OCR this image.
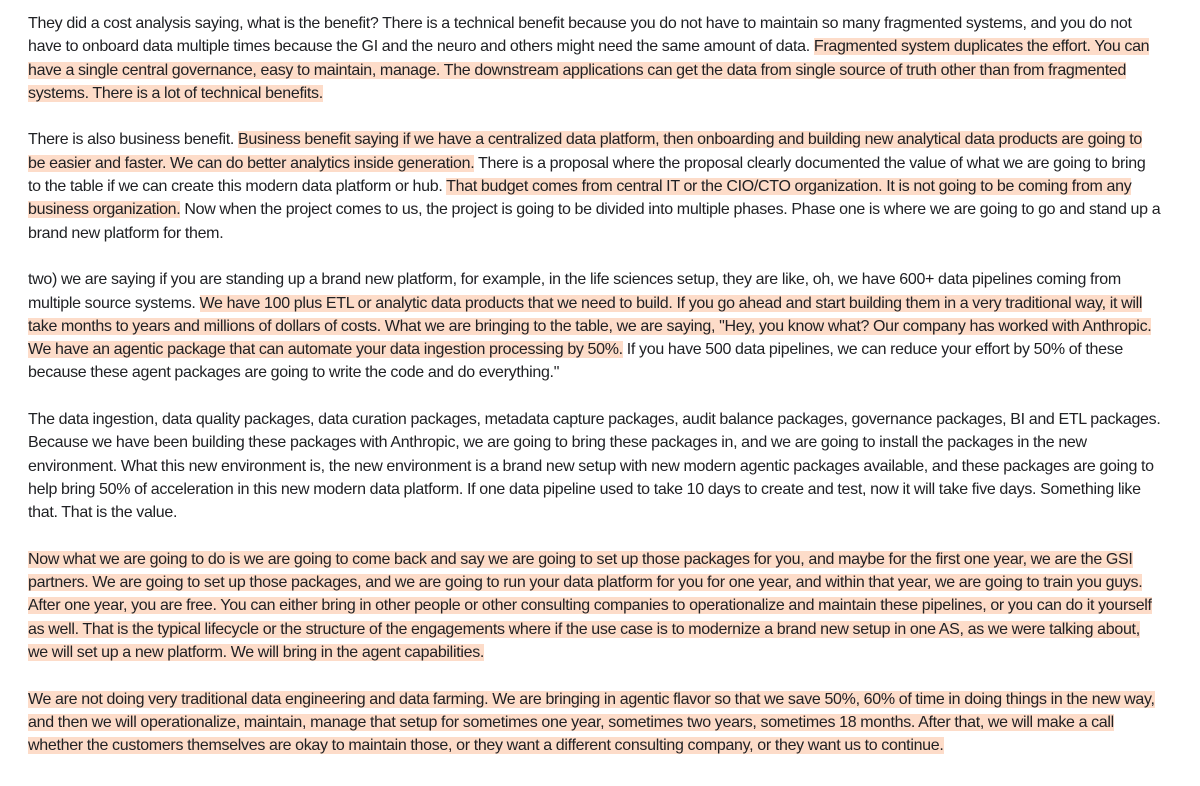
They did a cost analysis saying, what is the benefit? There is a technical benefit because you do not have to maintain so many fragmented systems, and you do not have to onboard data multiple times because the GI and the neuro and others might need the same amount of data. Fragmented system duplicates the effort. You can have a single central governance, easy to maintain, manage. The downstream applications can get the data from single source of truth other than from fragmented systems. There is a lot of technical benefits.

There is also business benefit. Business benefit saying if we have a centralized data platform, then onboarding and building new analytical data products are going to be easier and faster. We can do better analytics inside generation. There is a proposal where the proposal clearly documented the value of what we are going to bring to the table if we can create this modern data platform or hub. That budget comes from central IT or the CIO/CTO organization. It is not going to be coming from any business organization. Now when the project comes to us, the project is going to be divided into multiple phases. Phase one is where we are going to go and stand up a brand new platform for them.

two) we are saying if you are standing up a brand new platform, for example, in the life sciences setup, they are like, oh, we have 600+ data pipelines coming from multiple source systems. We have 100 plus ETL or analytic data products that we need to build. If you go ahead and start building them in a very traditional way, it will take months to years and millions of dollars of costs. What we are bringing to the table, we are saying, "Hey, you know what? Our company has worked with Anthropic. We have an agentic package that can automate your data ingestion processing by 50%. If you have 500 data pipelines, we can reduce your effort by 50% of these because these agent packages are going to write the code and do everything."

The data ingestion, data quality packages, data curation packages, metadata capture packages, audit balance packages, governance packages, BI and ETL packages. Because we have been building these packages with Anthropic, we are going to bring these packages in, and we are going to install the packages in the new environment. What this new environment is, the new environment is a brand new setup with new modern agentic packages available, and these packages are going to help bring 50% of acceleration in this new modern data platform. If one data pipeline used to take 10 days to create and test, now it will take five days. Something like that. That is the value.

Now what we are going to do is we are going to come back and say we are going to set up those packages for you, and maybe for the first one year, we are the GSI partners. We are going to set up those packages, and we are going to run your data platform for you for one year, and within that year, we are going to train you guys. After one year, you are free. You can either bring in other people or other consulting companies to operationalize and maintain these pipelines, or you can do it yourself as well. That is the typical lifecycle or the structure of the engagements where if the use case is to modernize a brand new setup in one AS, as we were talking about, we will set up a new platform. We will bring in the agent capabilities.

We are not doing very traditional data engineering and data farming. We are bringing in agentic flavor so that we save 50%, 60% of time in doing things in the new way, and then we will operationalize, maintain, manage that setup for sometimes one year, sometimes two years, sometimes 18 months. After that, we will make a call whether the customers themselves are okay to maintain those, or they want a different consulting company, or they want us to continue.
